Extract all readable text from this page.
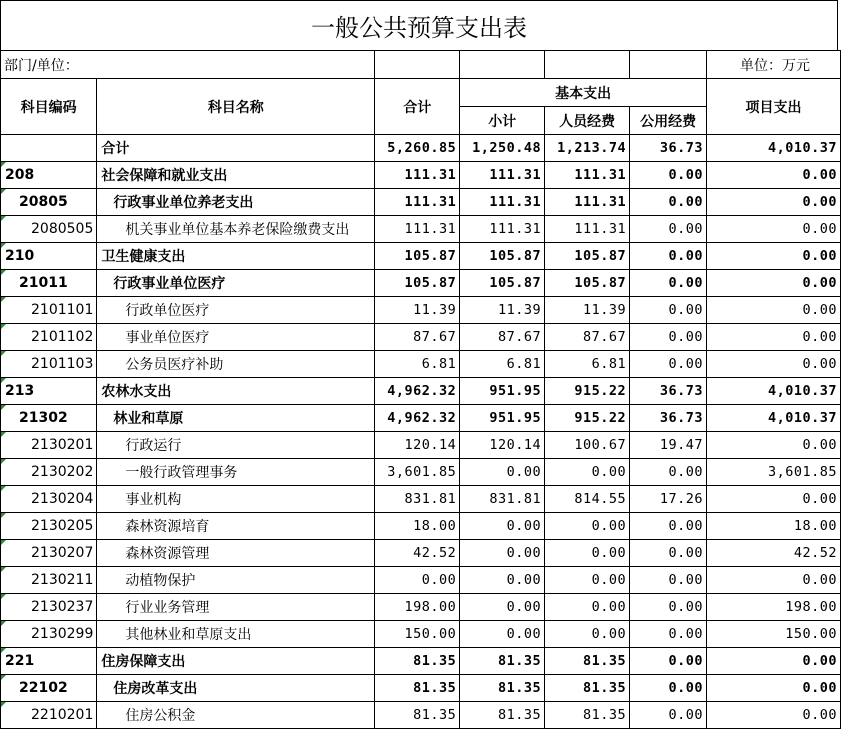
一般公共预算支出表
部门/单位：						单位：万元
科目编码	科目名称	合计	基本支出			项目支出
			小计	人员经费	公用经费	
	合计	5,260.85	1,250.48	1,213.74	36.73	4,010.37
208	社会保障和就业支出	111.31	111.31	111.31	0.00	0.00
20805	行政事业单位养老支出	111.31	111.31	111.31	0.00	0.00
2080505	机关事业单位基本养老保险缴费支出	111.31	111.31	111.31	0.00	0.00
210	卫生健康支出	105.87	105.87	105.87	0.00	0.00
21011	行政事业单位医疗	105.87	105.87	105.87	0.00	0.00
2101101	行政单位医疗	11.39	11.39	11.39	0.00	0.00
2101102	事业单位医疗	87.67	87.67	87.67	0.00	0.00
2101103	公务员医疗补助	6.81	6.81	6.81	0.00	0.00
213	农林水支出	4,962.32	951.95	915.22	36.73	4,010.37
21302	林业和草原	4,962.32	951.95	915.22	36.73	4,010.37
2130201	行政运行	120.14	120.14	100.67	19.47	0.00
2130202	一般行政管理事务	3,601.85	0.00	0.00	0.00	3,601.85
2130204	事业机构	831.81	831.81	814.55	17.26	0.00
2130205	森林资源培育	18.00	0.00	0.00	0.00	18.00
2130207	森林资源管理	42.52	0.00	0.00	0.00	42.52
2130211	动植物保护	0.00	0.00	0.00	0.00	0.00
2130237	行业业务管理	198.00	0.00	0.00	0.00	198.00
2130299	其他林业和草原支出	150.00	0.00	0.00	0.00	150.00
221	住房保障支出	81.35	81.35	81.35	0.00	0.00
22102	住房改革支出	81.35	81.35	81.35	0.00	0.00
2210201	住房公积金	81.35	81.35	81.35	0.00	0.00
